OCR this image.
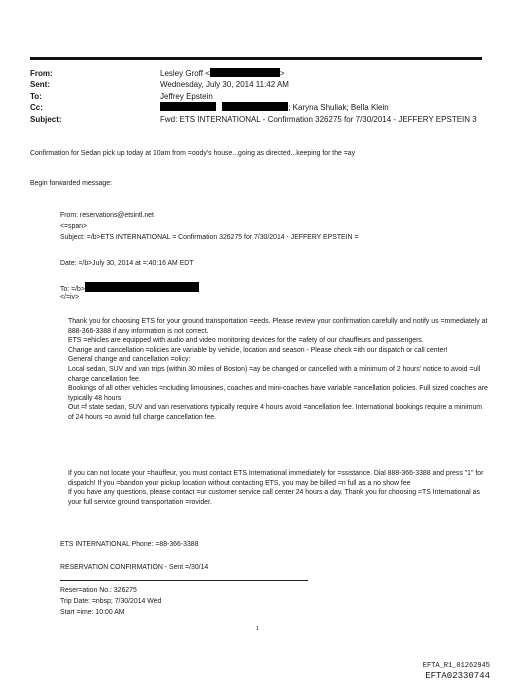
From:	Lesley Groff <	>
Sent:	Wednesday, July 30, 2014 11:42 AM
To:	Jeffrey Epstein
Cc:	; Karyna Shuliak; Bella Klein
Subject:	Fwd: ETS INTERNATIONAL - Confirmation 326275 for 7/30/2014 - JEFFERY EPSTEIN 3
Confirmation for Sedan pick up today at 10am from =oody’s house...going as directed...keeping for the =ay
Begin forwarded message:
From: reservations@etsintl.net
<=span>
Subject: =/b>ETS INTERNATIONAL = Confirmation 326275 for 7/30/2014 - JEFFERY EPSTEIN =
Date: =/b>July 30, 2014 at =:40:16 AM EDT
To: =/b>
</=iv>
Thank you for choosing ETS for your ground transportation =eeds. Please review your confirmation carefully and notify us =mmediately at 888-366-3388 if any information is not correct.
ETS =ehicles are equipped with audio and video monitoring devices for the =afety of our chauffeurs and passengers.
Change and cancellation =olicies are variable by vehicle, location and season - Please check =ith our dispatch or call center!
General change and cancellation =olicy:
Local sedan, SUV and van trips (within 30 miles of Boston) =ay be changed or cancelled with a minimum of 2 hours' notice to avoid =ull charge cancellation fee.
Bookings of all other vehicles =ncluding limousines, coaches and mini-coaches have variable =ancellation policies. Full sized coaches are typically 48 hours
Out =f state sedan, SUV and van reservations typically require 4 hours avoid =ancellation fee. International bookings require a minimum of 24 hours =o avoid full charge cancellation fee.
If you can not locate your =hauffeur, you must contact ETS International immediately for =ssistance. Dial 888-366-3388 and press "1" for dispatch! If you =bandon your pickup location without contacting ETS, you may be billed =n full as a no show fee
If you have any questions, please contact =ur customer service call center 24 hours a day. Thank you for choosing =TS International as your full service ground transportation =rovider.
ETS INTERNATIONAL Phone: =88-366-3388
RESERVATION CONFIRMATION - Sent =/30/14
Reser=ation No.: 326275
Trip Date: =nbsp; 7/30/2014 Wed
Start =ime: 10:00 AM
1
EFTA_R1_01262945
EFTA02330744
